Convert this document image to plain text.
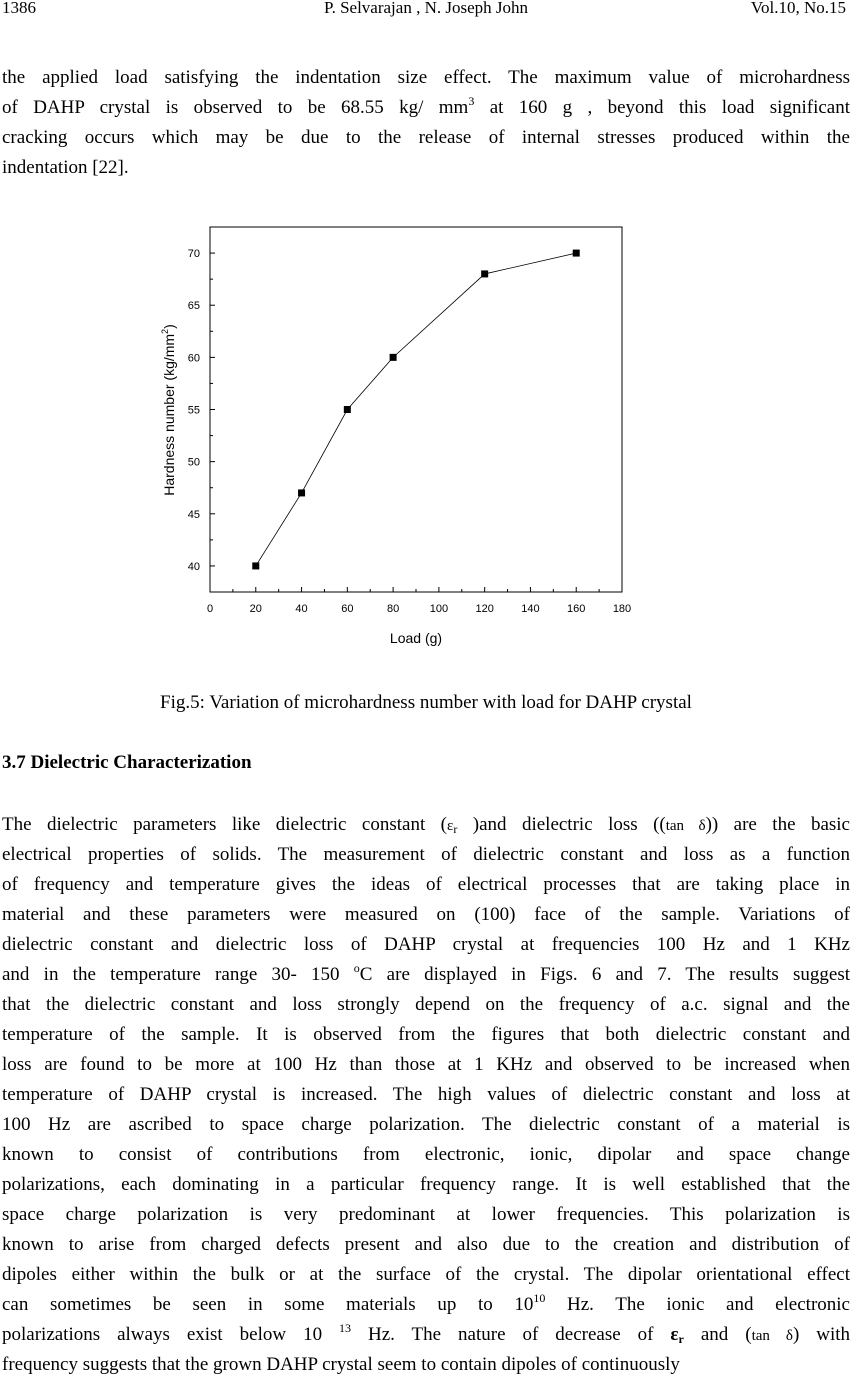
P. Selvarajan , N. Joseph John
1386	Vol.10, No.15
the applied load satisfying the indentation size effect. The maximum value of microhardness
of DAHP crystal is observed to be 68.55 kg/ $mm^3$ at 160 g , beyond this load significant
cracking occurs which may be due to the release of internal stresses produced within the
indentation [22].
0	20	40	60	80	100 120 140 160 180
40
45
50
55
60
65
70
Load (g)
Hardness number $(kg/mm^2)$
Fig.5: Variation of microhardness number with load for DAHP crystal
3.7 Dielectric Characterization
The dielectric parameters like dielectric constant ($\varepsilon_r$ )and dielectric loss ((tan δ)) are the basic
electrical properties of solids. The measurement of dielectric constant and loss as a function
of frequency and temperature gives the ideas of electrical processes that are taking place in
material and these parameters were measured on (100) face of the sample. Variations of
dielectric constant and dielectric loss of DAHP crystal at frequencies 100 Hz and 1 KHz
and in the temperature range 30- 150 $^o$C are displayed in Figs. 6 and 7. The results suggest
that the dielectric constant and loss strongly depend on the frequency of a.c. signal and the
temperature of the sample. It is observed from the figures that both dielectric constant and
loss are found to be more at 100 Hz than those at 1 KHz and observed to be increased when
temperature of DAHP crystal is increased. The high values of dielectric constant and loss at
100 Hz are ascribed to space charge polarization. The dielectric constant of a material is
known to consist of contributions from electronic, ionic, dipolar and space change
polarizations, each dominating in a particular frequency range. It is well established that the
space charge polarization is very predominant at lower frequencies. This polarization is
known to arise from charged defects present and also due to the creation and distribution of
dipoles either within the bulk or at the surface of the crystal. The dipolar orientational effect
can sometimes be seen in some materials up to $10^{10}$ Hz. The ionic and electronic
polarizations always exist below 10 $^{13}$ Hz. The nature of decrease of $\varepsilon_r$ and (tan δ) with
frequency suggests that the grown DAHP crystal seem to contain dipoles of continuously
